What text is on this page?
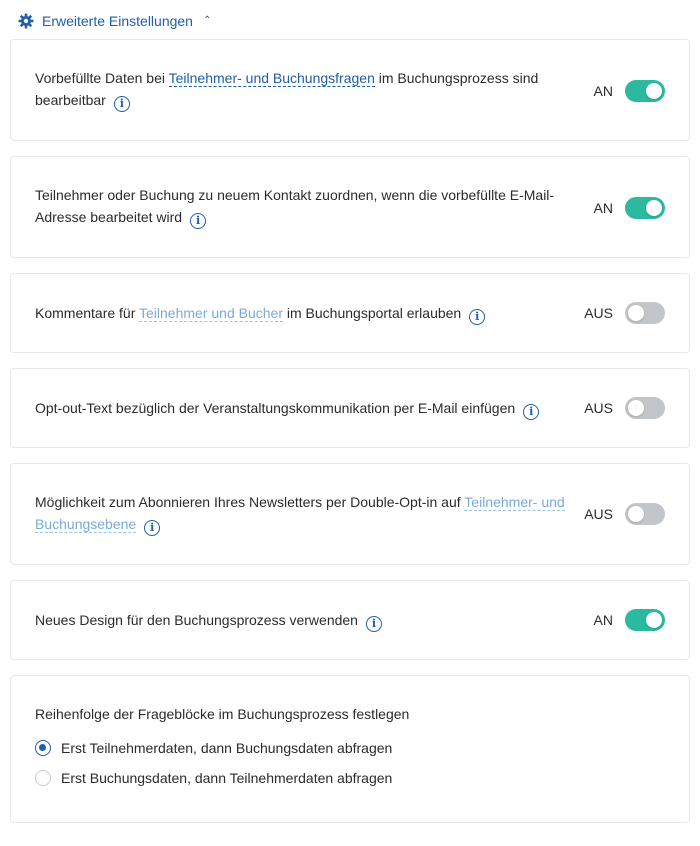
Erweiterte Einstellungen ⌃
Vorbefüllte Daten bei Teilnehmer- und Buchungsfragen im Buchungsprozess sind bearbeitbar i
AN
Teilnehmer oder Buchung zu neuem Kontakt zuordnen, wenn die vorbefüllte E-Mail-Adresse bearbeitet wird i
AN
Kommentare für Teilnehmer und Bucher im Buchungsportal erlauben i	AUS
Opt-out-Text bezüglich der Veranstaltungskommunikation per E-Mail einfügen i	AUS
Möglichkeit zum Abonnieren Ihres Newsletters per Double-Opt-in auf Teilnehmer- und Buchungsebene i
AUS
Neues Design für den Buchungsprozess verwenden i	AN
Reihenfolge der Frageblöcke im Buchungsprozess festlegen
Erst Teilnehmerdaten, dann Buchungsdaten abfragen
Erst Buchungsdaten, dann Teilnehmerdaten abfragen
